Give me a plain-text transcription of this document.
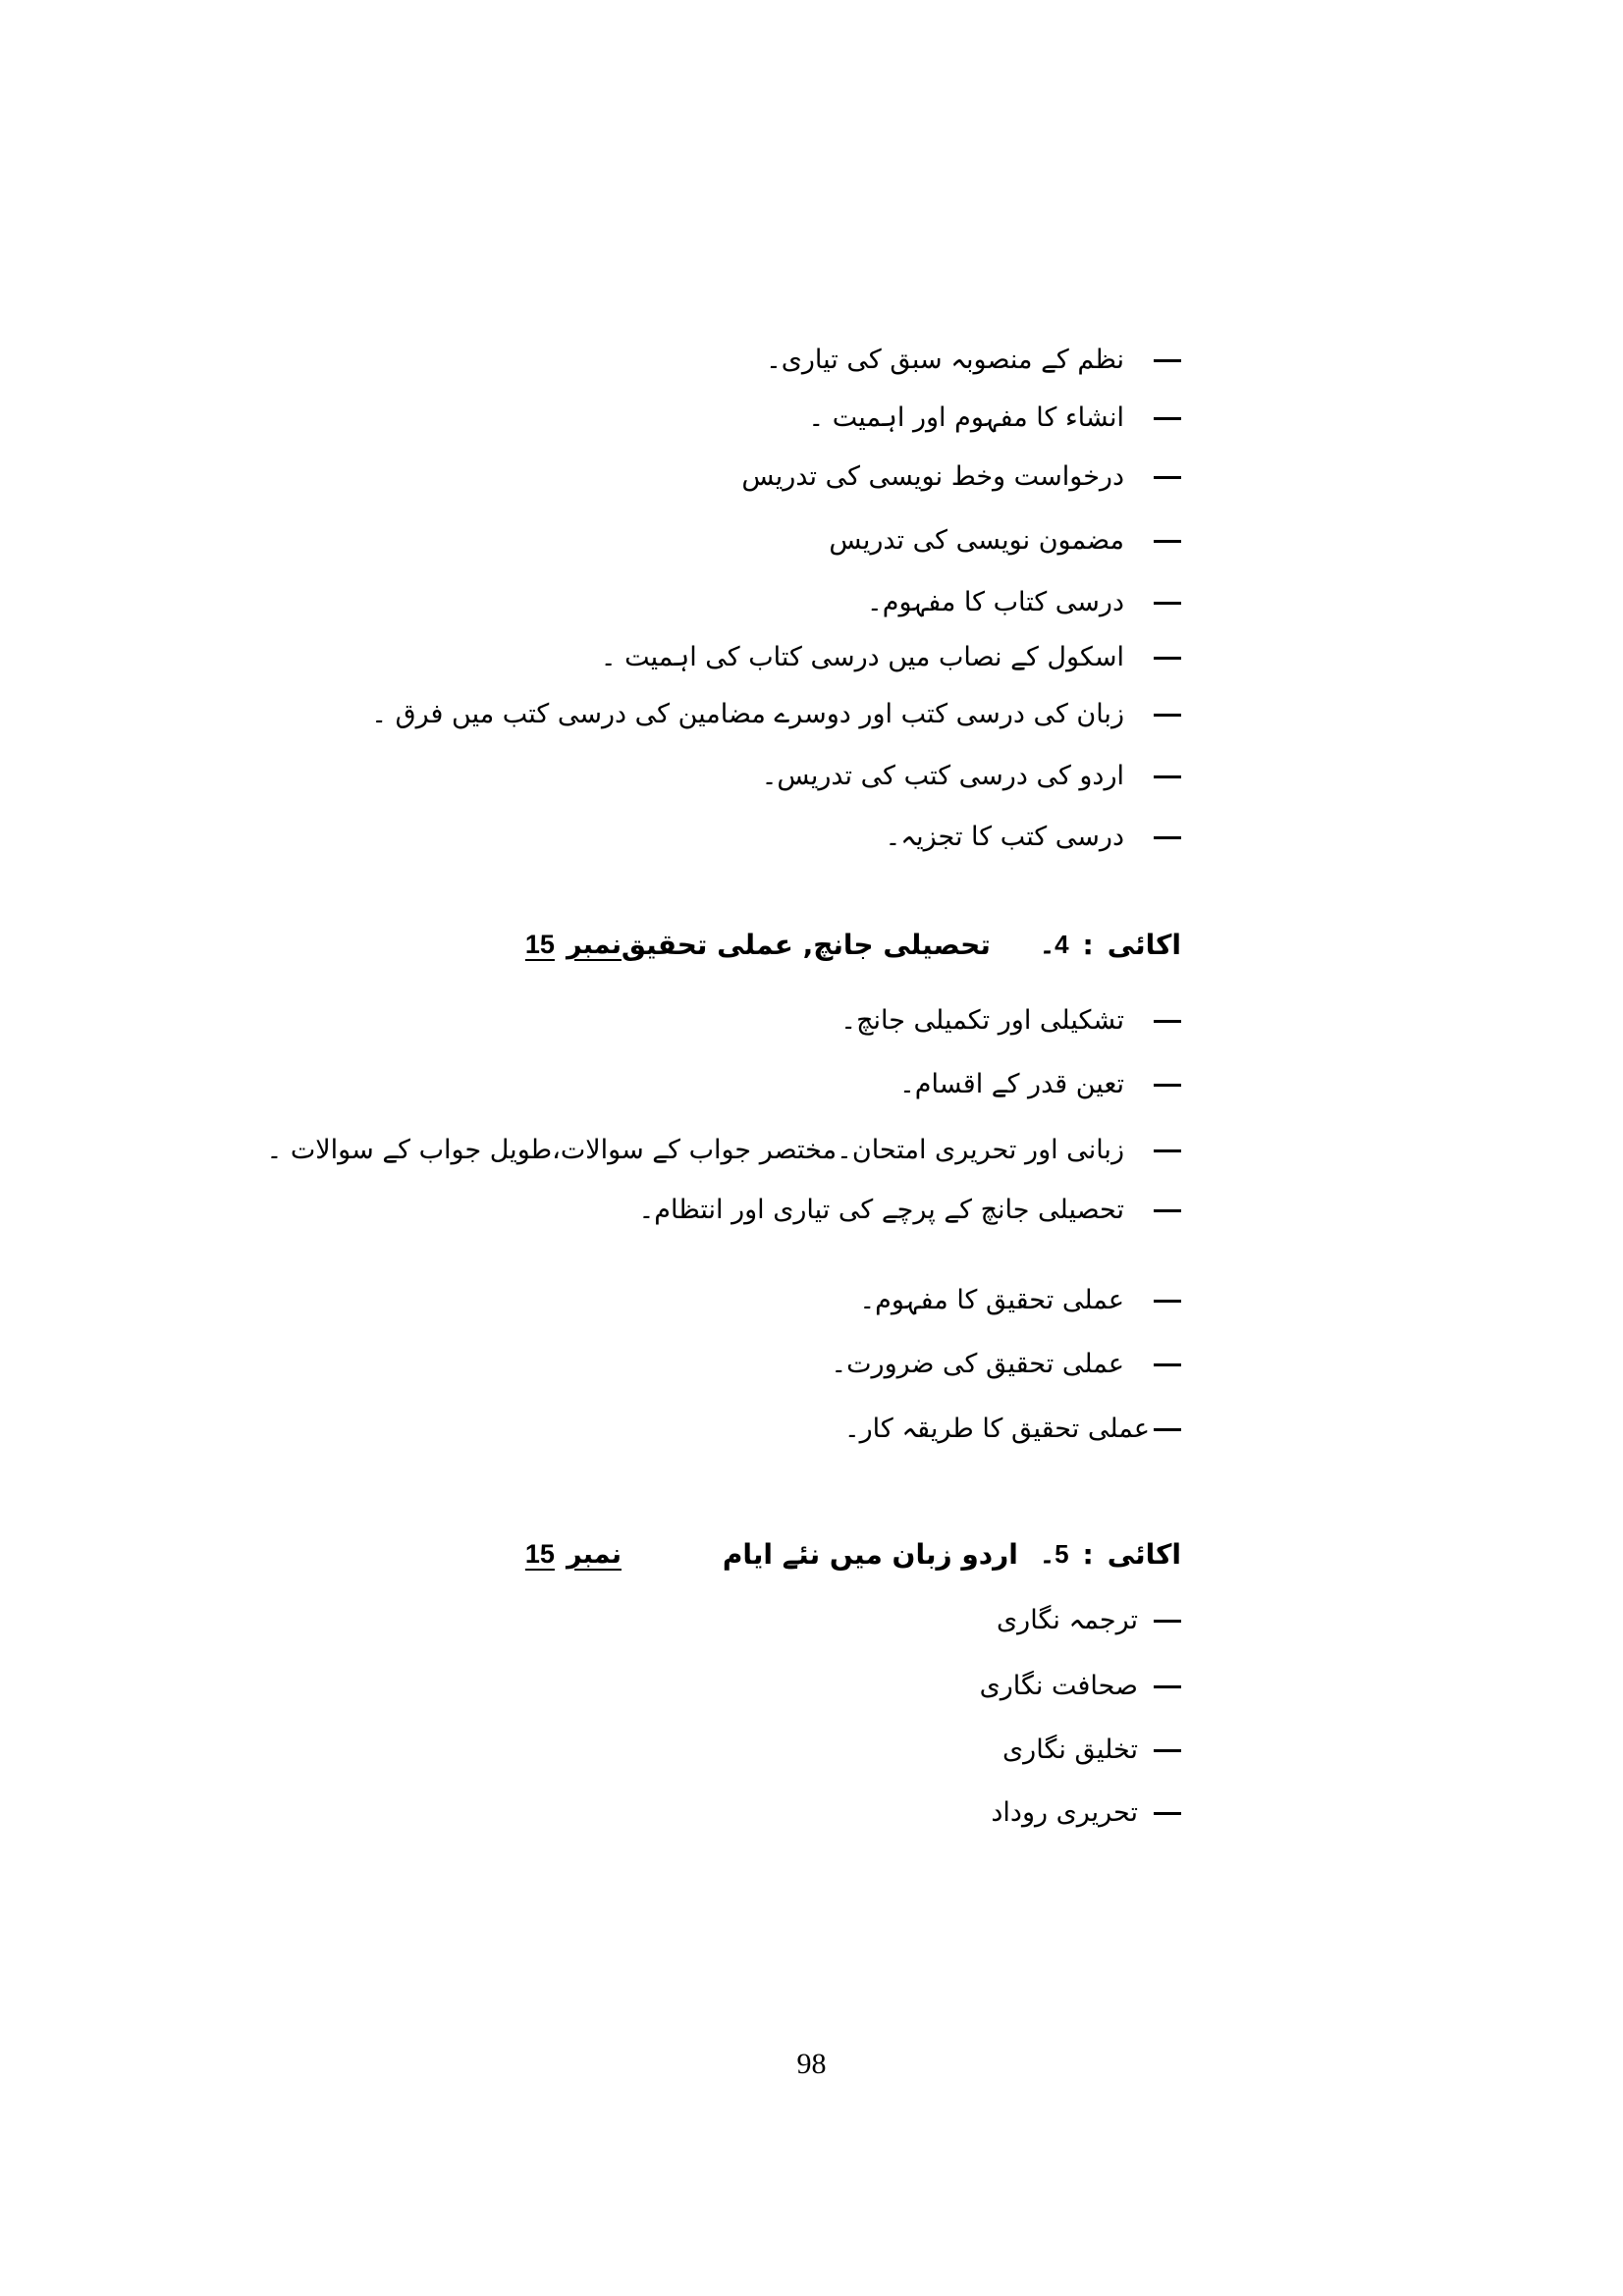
نظم کے منصوبہ سبق کی تیاری۔
انشاء کا مفہوم اور اہمیت ۔
درخواست وخط نویسی کی تدریس
مضمون نویسی کی تدریس
درسی کتاب کا مفہوم۔
اسکول کے نصاب میں درسی کتاب کی اہمیت ۔
زبان کی درسی کتب اور دوسرے مضامین کی درسی کتب میں فرق ۔
اردو کی درسی کتب کی تدریس۔
درسی کتب کا تجزیہ۔
اکائی
:
4۔
تحصیلی جانچ, عملی تحقیق
نمبر
15
تشکیلی اور تکمیلی جانچ۔
تعین قدر کے اقسام۔
زبانی اور تحریری امتحان۔مختصر جواب کے سوالات،طویل جواب کے سوالات ۔
تحصیلی جانچ کے پرچے کی تیاری اور انتظام۔
عملی تحقیق کا مفہوم۔
عملی تحقیق کی ضرورت۔
عملی تحقیق کا طریقہ کار۔
اکائی
:
5۔
اردو زبان میں نئے ایام
نمبر
15
ترجمہ نگاری
صحافت نگاری
تخلیق نگاری
تحریری روداد
98
